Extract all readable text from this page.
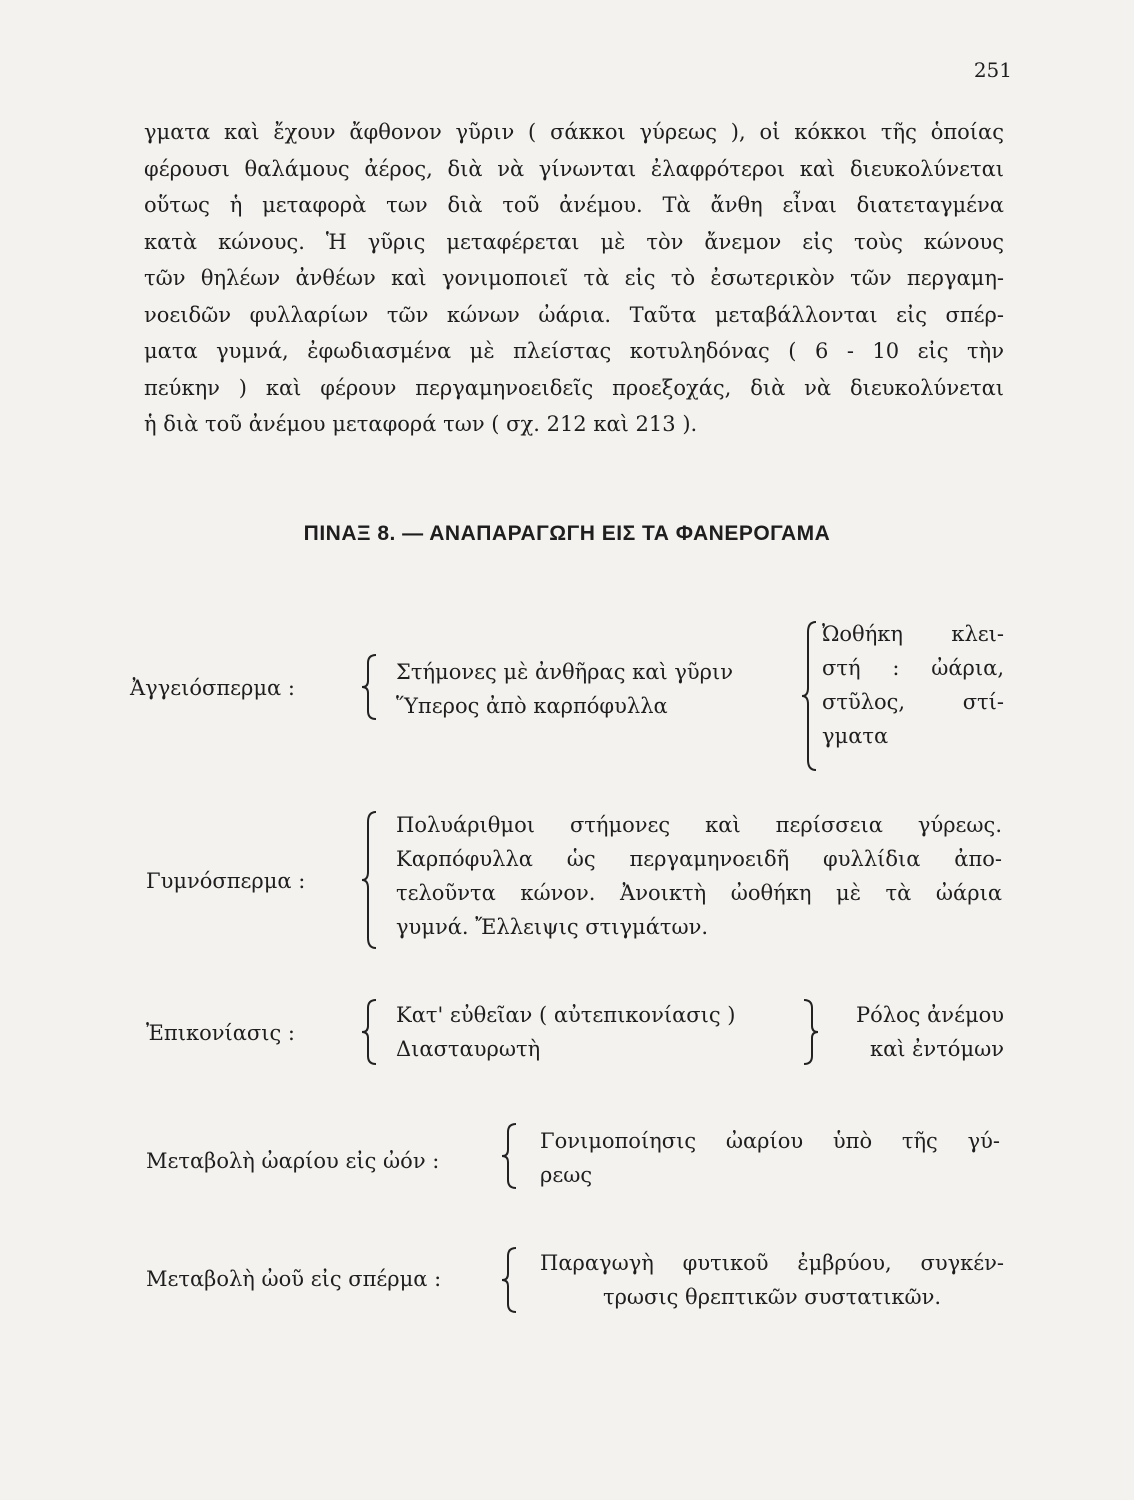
251
γματα καὶ ἔχουν ἄφθονον γῦριν ( σάκκοι γύρεως ), οἱ κόκκοι τῆς ὁποίας
φέρουσι θαλάμους ἀέρος, διὰ νὰ γίνωνται ἐλαφρότεροι καὶ διευκολύνεται
οὕτως ἡ μεταφορὰ των διὰ τοῦ ἀνέμου. Τὰ ἄνθη εἶναι διατεταγμένα
κατὰ κώνους. Ἡ γῦρις μεταφέρεται μὲ τὸν ἄνεμον εἰς τοὺς κώνους
τῶν θηλέων ἀνθέων καὶ γονιμοποιεῖ τὰ εἰς τὸ ἐσωτερικὸν τῶν περγαμη-
νοειδῶν φυλλαρίων τῶν κώνων ὠάρια. Ταῦτα μεταβάλλονται εἰς σπέρ-
ματα γυμνά, ἐφωδιασμένα μὲ πλείστας κοτυληδόνας ( 6 - 10 εἰς τὴν
πεύκην ) καὶ φέρουν περγαμηνοειδεῖς προεξοχάς, διὰ νὰ διευκολύνεται
ἡ διὰ τοῦ ἀνέμου μεταφορά των ( σχ. 212 καὶ 213 ).
ΠΙΝΑΞ 8. — ΑΝΑΠΑΡΑΓΩΓΗ ΕΙΣ ΤΑ ΦΑΝΕΡΟΓΑΜΑ
Ἀγγειόσπερμα :
Στήμονες μὲ ἀνθῆρας καὶ γῦριν
Ὕπερος ἀπὸ καρπόφυλλα
Ὠοθήκη κλει-
στή : ὠάρια,
στῦλος, στί-
γματα
Γυμνόσπερμα :
Πολυάριθμοι στήμονες καὶ περίσσεια γύρεως.
Καρπόφυλλα ὡς περγαμηνοειδῆ φυλλίδια ἀπο-
τελοῦντα κώνον. Ἀνοικτὴ ὠοθήκη μὲ τὰ ὠάρια
γυμνά. Ἔλλειψις στιγμάτων.
Ἐπικονίασις :
Κατ' εὐθεῖαν ( αὐτεπικονίασις )
Διασταυρωτὴ
Ρόλος ἀνέμου
καὶ ἐντόμων
Μεταβολὴ ὠαρίου εἰς ὠόν :
Γονιμοποίησις ὠαρίου ὑπὸ τῆς γύ-
ρεως
Μεταβολὴ ὠοῦ εἰς σπέρμα :
Παραγωγὴ φυτικοῦ ἐμβρύου, συγκέν-
τρωσις θρεπτικῶν συστατικῶν.
